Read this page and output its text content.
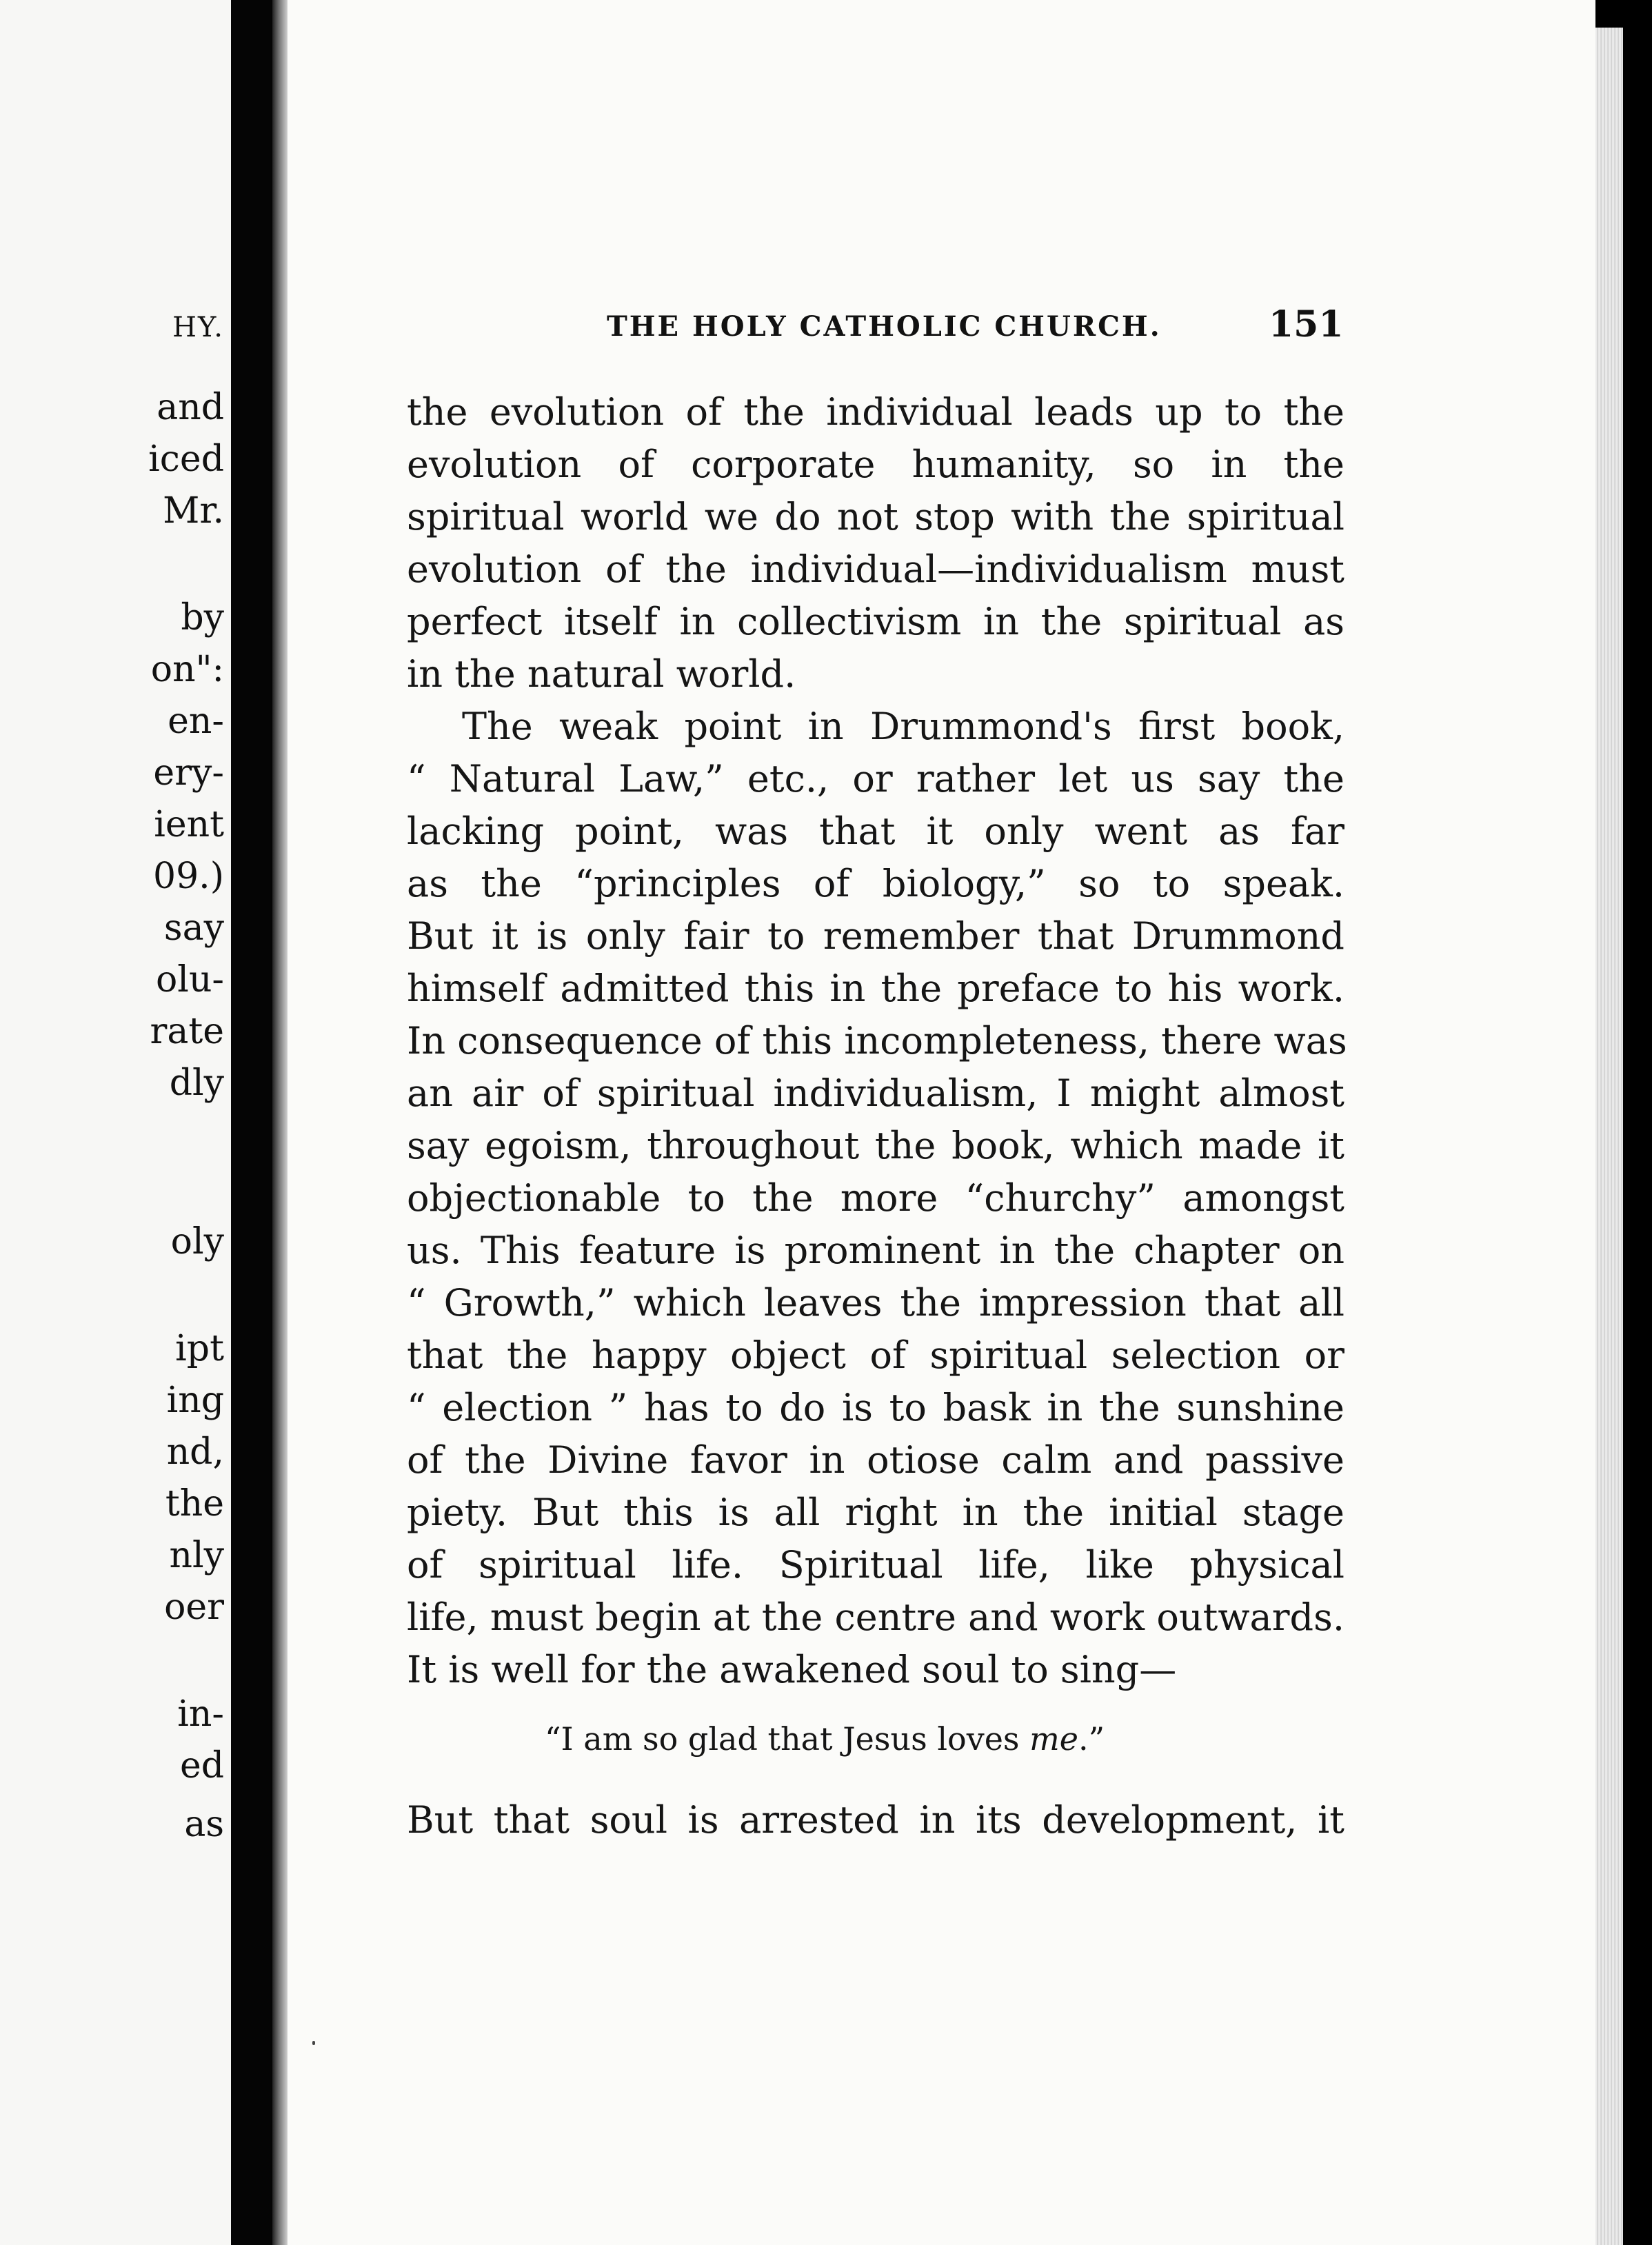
HY.
and
iced
Mr.
by
on":
en-
ery-
ient
09.)
say
olu-
rate
dly
oly
ipt
ing
nd,
the
nly
oer
in-
ed
as
THE HOLY CATHOLIC CHURCH.	151
the evolution of the individual leads up to the
evolution of corporate humanity, so in the
spiritual world we do not stop with the spiritual
evolution of the individual—individualism must
perfect itself in collectivism in the spiritual as
in the natural world.
The weak point in Drummond's first book,
“ Natural Law,” etc., or rather let us say the
lacking point, was that it only went as far
as the “principles of biology,” so to speak.
But it is only fair to remember that Drummond
himself admitted this in the preface to his work.
In consequence of this incompleteness, there was
an air of spiritual individualism, I might almost
say egoism, throughout the book, which made it
objectionable to the more “churchy” amongst
us. This feature is prominent in the chapter on
“ Growth,” which leaves the impression that all
that the happy object of spiritual selection or
“ election ” has to do is to bask in the sunshine
of the Divine favor in otiose calm and passive
piety. But this is all right in the initial stage
of spiritual life. Spiritual life, like physical
life, must begin at the centre and work outwards.
It is well for the awakened soul to sing—
“I am so glad that Jesus loves me.”
But that soul is arrested in its development, it
